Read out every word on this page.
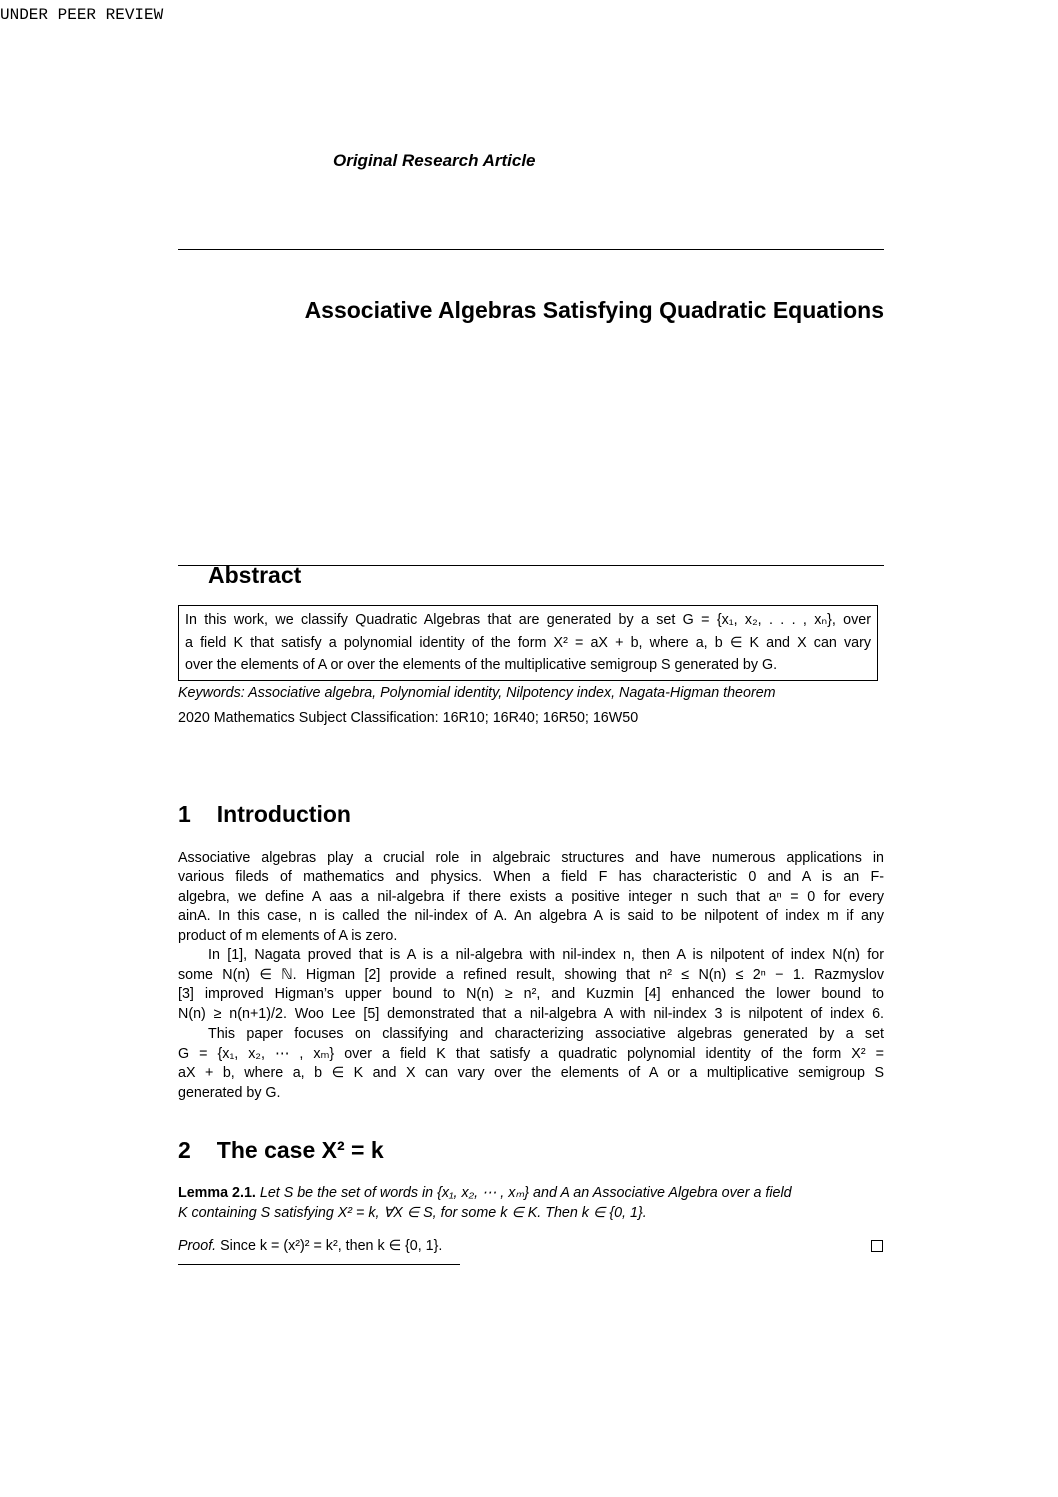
UNDER PEER REVIEW
Original Research Article
Associative Algebras Satisfying Quadratic Equations
Abstract
In this work, we classify Quadratic Algebras that are generated by a set G = {x₁, x₂, . . . , xₙ}, over
a field K that satisfy a polynomial identity of the form X² = aX + b, where a, b ∈ K and X can vary
over the elements of A or over the elements of the multiplicative semigroup S generated by G.
Keywords: Associative algebra, Polynomial identity, Nilpotency index, Nagata-Higman theorem
2020 Mathematics Subject Classification: 16R10; 16R40; 16R50; 16W50
1 Introduction
Associative algebras play a crucial role in algebraic structures and have numerous applications in
various fileds of mathematics and physics. When a field F has characteristic 0 and A is an F-
algebra, we define A aas a nil-algebra if there exists a positive integer n such that aⁿ = 0 for every
ainA. In this case, n is called the nil-index of A. An algebra A is said to be nilpotent of index m if any
product of m elements of A is zero.
In [1], Nagata proved that is A is a nil-algebra with nil-index n, then A is nilpotent of index N(n) for
some N(n) ∈ ℕ. Higman [2] provide a refined result, showing that n² ≤ N(n) ≤ 2ⁿ − 1. Razmyslov
[3] improved Higman’s upper bound to N(n) ≥ n², and Kuzmin [4] enhanced the lower bound to
N(n) ≥ n(n+1)/2. Woo Lee [5] demonstrated that a nil-algebra A with nil-index 3 is nilpotent of index 6.
This paper focuses on classifying and characterizing associative algebras generated by a set
G = {x₁, x₂, ⋯ , xₘ} over a field K that satisfy a quadratic polynomial identity of the form X² =
aX + b, where a, b ∈ K and X can vary over the elements of A or a multiplicative semigroup S
generated by G.
2 The case X² = k
Lemma 2.1. Let S be the set of words in {x₁, x₂, ⋯ , xₘ} and A an Associative Algebra over a field
K containing S satisfying X² = k, ∀X ∈ S, for some k ∈ K. Then k ∈ {0, 1}.
Proof. Since k = (x²)² = k², then k ∈ {0, 1}.
